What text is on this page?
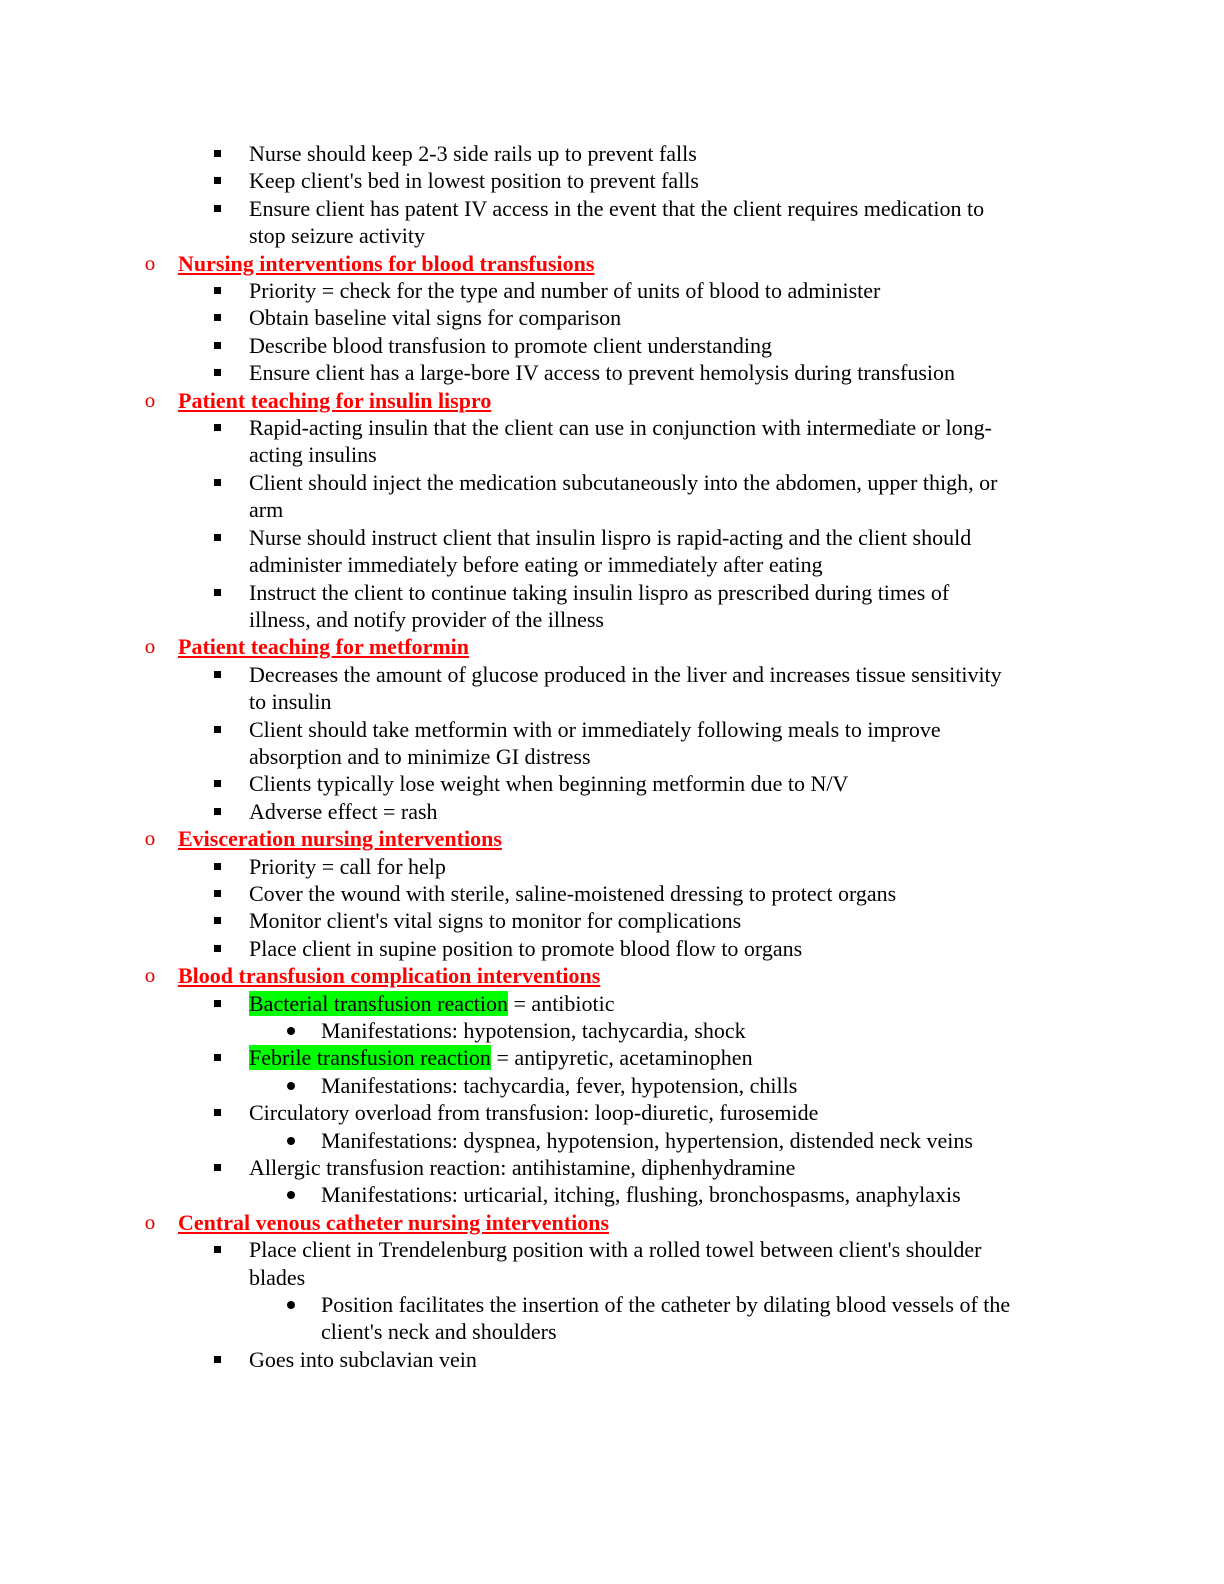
Nurse should keep 2-3 side rails up to prevent falls
Keep client's bed in lowest position to prevent falls
Ensure client has patent IV access in the event that the client requires medication to
stop seizure activity
o Nursing interventions for blood transfusions
Priority = check for the type and number of units of blood to administer
Obtain baseline vital signs for comparison
Describe blood transfusion to promote client understanding
Ensure client has a large-bore IV access to prevent hemolysis during transfusion
o Patient teaching for insulin lispro
Rapid-acting insulin that the client can use in conjunction with intermediate or long-
acting insulins
Client should inject the medication subcutaneously into the abdomen, upper thigh, or
arm
Nurse should instruct client that insulin lispro is rapid-acting and the client should
administer immediately before eating or immediately after eating
Instruct the client to continue taking insulin lispro as prescribed during times of
illness, and notify provider of the illness
o Patient teaching for metformin
Decreases the amount of glucose produced in the liver and increases tissue sensitivity
to insulin
Client should take metformin with or immediately following meals to improve
absorption and to minimize GI distress
Clients typically lose weight when beginning metformin due to N/V
Adverse effect = rash
o Evisceration nursing interventions
Priority = call for help
Cover the wound with sterile, saline-moistened dressing to protect organs
Monitor client's vital signs to monitor for complications
Place client in supine position to promote blood flow to organs
o Blood transfusion complication interventions
Bacterial transfusion reaction = antibiotic
Manifestations: hypotension, tachycardia, shock
Febrile transfusion reaction = antipyretic, acetaminophen
Manifestations: tachycardia, fever, hypotension, chills
Circulatory overload from transfusion: loop-diuretic, furosemide
Manifestations: dyspnea, hypotension, hypertension, distended neck veins
Allergic transfusion reaction: antihistamine, diphenhydramine
Manifestations: urticarial, itching, flushing, bronchospasms, anaphylaxis
o Central venous catheter nursing interventions
Place client in Trendelenburg position with a rolled towel between client's shoulder
blades
Position facilitates the insertion of the catheter by dilating blood vessels of the
client's neck and shoulders
Goes into subclavian vein
